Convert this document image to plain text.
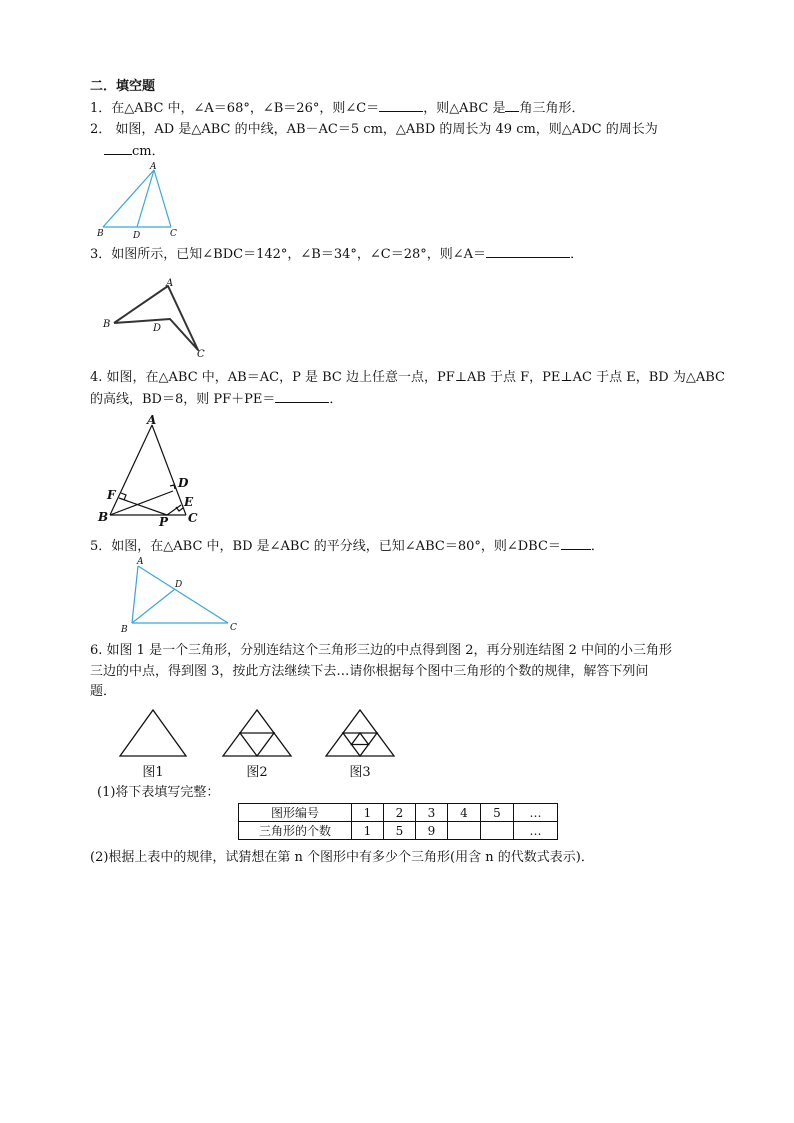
二．填空题
1．在△ABC 中，∠A＝68°，∠B＝26°，则∠C＝	，则△ABC 是 角三角形．
2． 如图，AD 是△ABC 的中线，AB－AC＝5 cm，△ABD 的周长为 49 cm，则△ADC 的周长为
cm．
A
B	D	C
3．如图所示，已知∠BDC＝142°，∠B＝34°，∠C＝28°，则∠A＝	．
A
B	D
C
4. 如图，在△ABC 中，AB＝AC，P 是 BC 边上任意一点，PF⊥AB 于点 F，PE⊥AC 于点 E，BD 为△ABC
的高线，BD＝8，则 PF＋PE＝	．
A
B	C
D
E
F
P
5．如图，在△ABC 中，BD 是∠ABC 的平分线，已知∠ABC＝80°，则∠DBC＝ ．
A
D
B	C
6. 如图 1 是一个三角形，分别连结这个三角形三边的中点得到图 2，再分别连结图 2 中间的小三角形
三边的中点，得到图 3，按此方法继续下去…请你根据每个图中三角形的个数的规律，解答下列问
题．
图1	图2	图3
(1)将下表填写完整：
图形编号	1	2	3	4	5	…
三角形的个数	1	5	9			…
(2)根据上表中的规律，试猜想在第 n 个图形中有多少个三角形(用含 n 的代数式表示)．
